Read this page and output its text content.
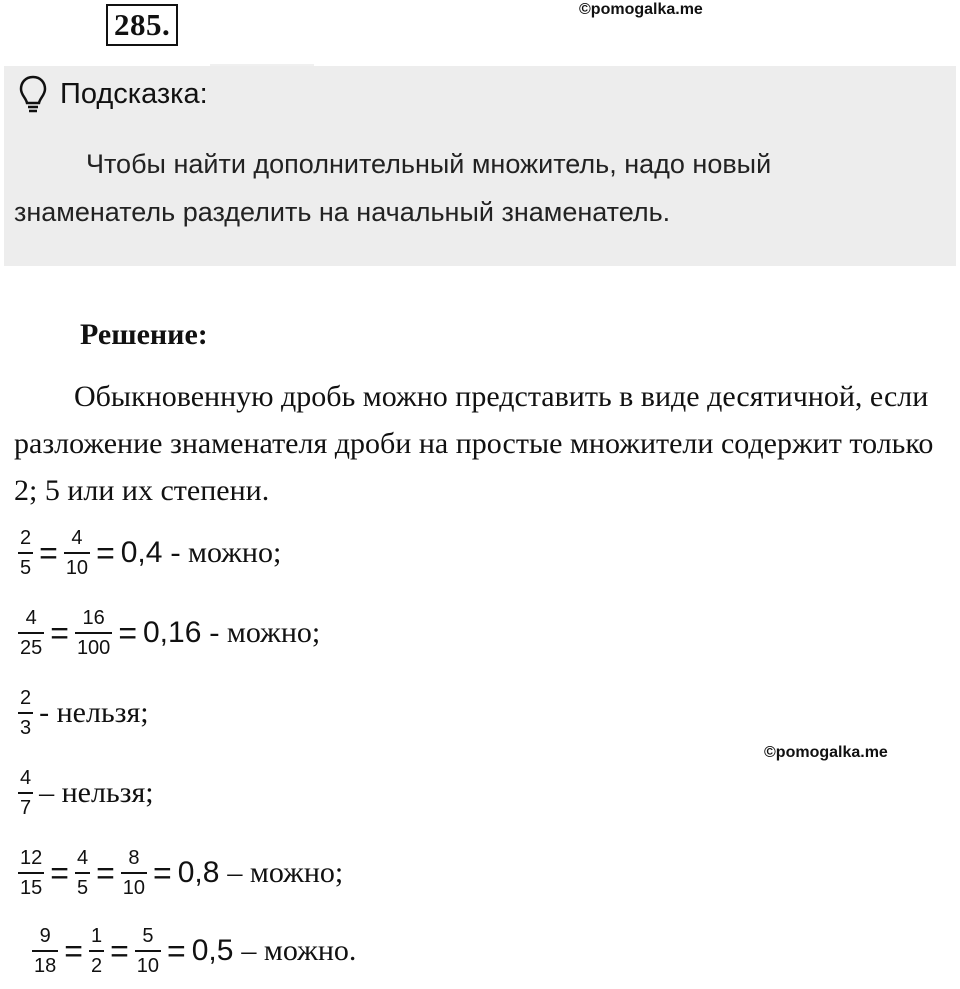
285.	©pomogalka.me
Подсказка:
Чтобы найти дополнительный множитель, надо новый знаменатель разделить на начальный знаменатель.
Решение:
Обыкновенную дробь можно представить в виде десятичной, если разложение знаменателя дроби на простые множители содержит только 2; 5 или их степени.
$\frac{2}{5} = \frac{4}{10} = 0,4$ - можно;
$\frac{4}{25} = \frac{16}{100} = 0,16$ - можно;
$\frac{2}{3}$ - нельзя;
©pomogalka.me
$\frac{4}{7}$ – нельзя;
$\frac{12}{15} = \frac{4}{5} = \frac{8}{10} = 0,8$ – можно;
$\frac{9}{18} = \frac{1}{2} = \frac{5}{10} = 0,5$ – можно.
